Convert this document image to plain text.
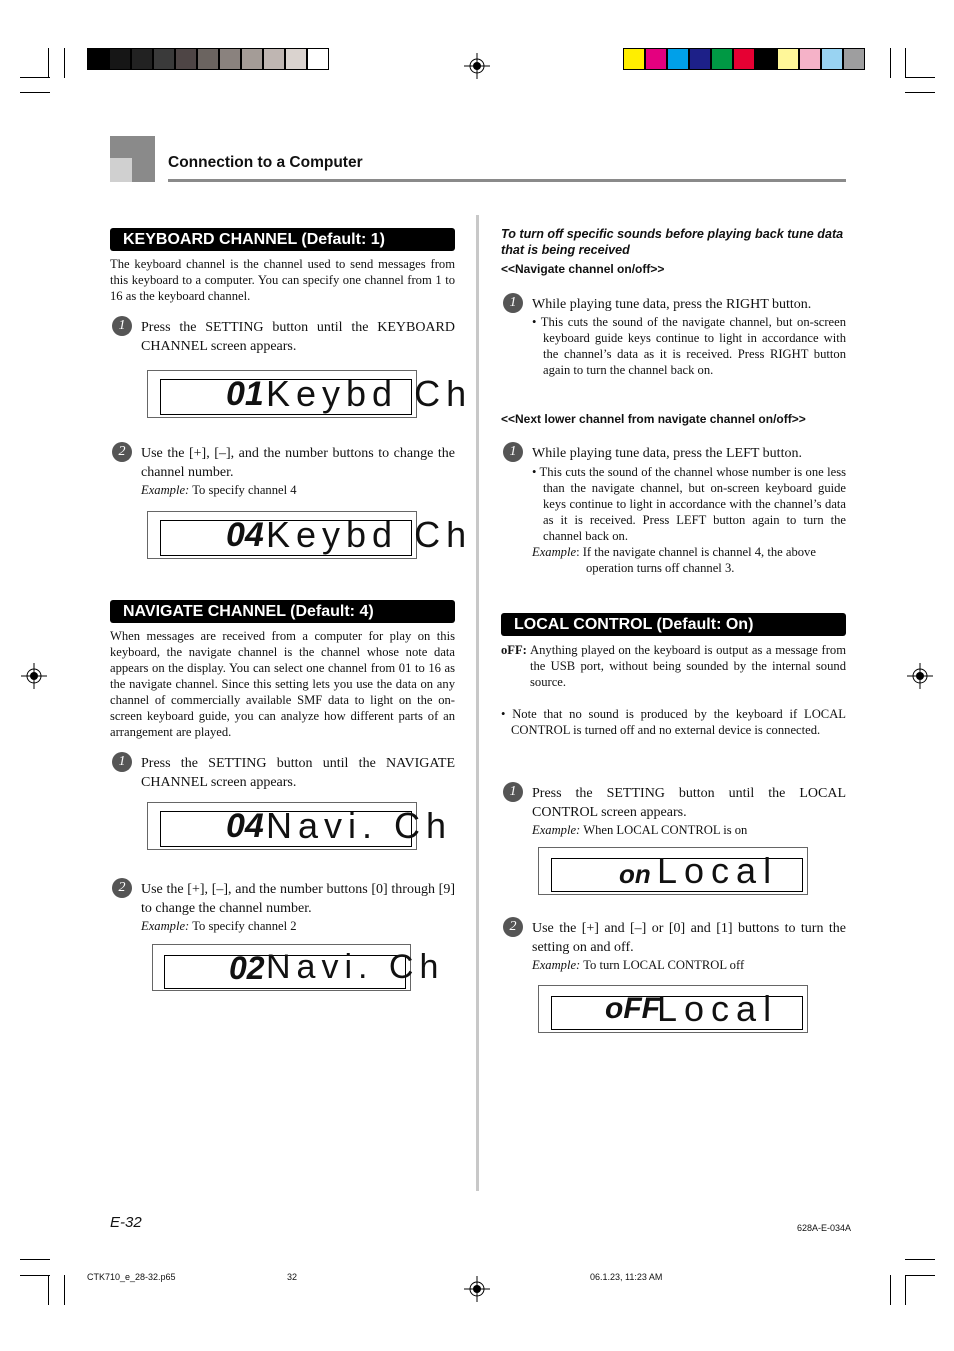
Connection to a Computer
KEYBOARD CHANNEL (Default: 1)
The keyboard channel is the channel used to send messages from this keyboard to a computer. You can specify one channel from 1 to 16 as the keyboard channel.
1	Press the SETTING button until the KEYBOARD CHANNEL screen appears.
01 Keybd Ch
2	Use the [+], [–], and the number buttons to change the channel number.
Example: To specify channel 4
04 Keybd Ch
NAVIGATE CHANNEL (Default: 4)
When messages are received from a computer for play on this keyboard, the navigate channel is the channel whose note data appears on the display. You can select one channel from 01 to 16 as the navigate channel. Since this setting lets you use the data on any channel of commercially available SMF data to light on the on-screen keyboard guide, you can analyze how different parts of an arrangement are played.
1	Press the SETTING button until the NAVIGATE CHANNEL screen appears.
04 Navi. Ch
2	Use the [+], [–], and the number buttons [0] through [9] to change the channel number.
Example: To specify channel 2
02 Navi. Ch
To turn off specific sounds before playing back tune data that is being received
<<Navigate channel on/off>>
1	While playing tune data, press the RIGHT button.
• This cuts the sound of the navigate channel, but on-screen keyboard guide keys continue to light in accordance with the channel’s data as it is received. Press RIGHT button again to turn the channel back on.
<<Next lower channel from navigate channel on/off>>
1	While playing tune data, press the LEFT button.
• This cuts the sound of the channel whose number is one less than the navigate channel, but on-screen keyboard guide keys continue to light in accordance with the channel’s data as it is received. Press LEFT button again to turn the channel back on.
Example: If the navigate channel is channel 4, the above operation turns off channel 3.
LOCAL CONTROL (Default: On)
oFF: Anything played on the keyboard is output as a message from the USB port, without being sounded by the internal sound source.
• Note that no sound is produced by the keyboard if LOCAL CONTROL is turned off and no external device is connected.
1	Press the SETTING button until the LOCAL CONTROL screen appears.
Example: When LOCAL CONTROL is on
on Local
2	Use the [+] and [–] or [0] and [1] buttons to turn the setting on and off.
Example: To turn LOCAL CONTROL off
oFF
Local
E-32	628A-E-034A
CTK710_e_28-32.p65	32	06.1.23, 11:23 AM
